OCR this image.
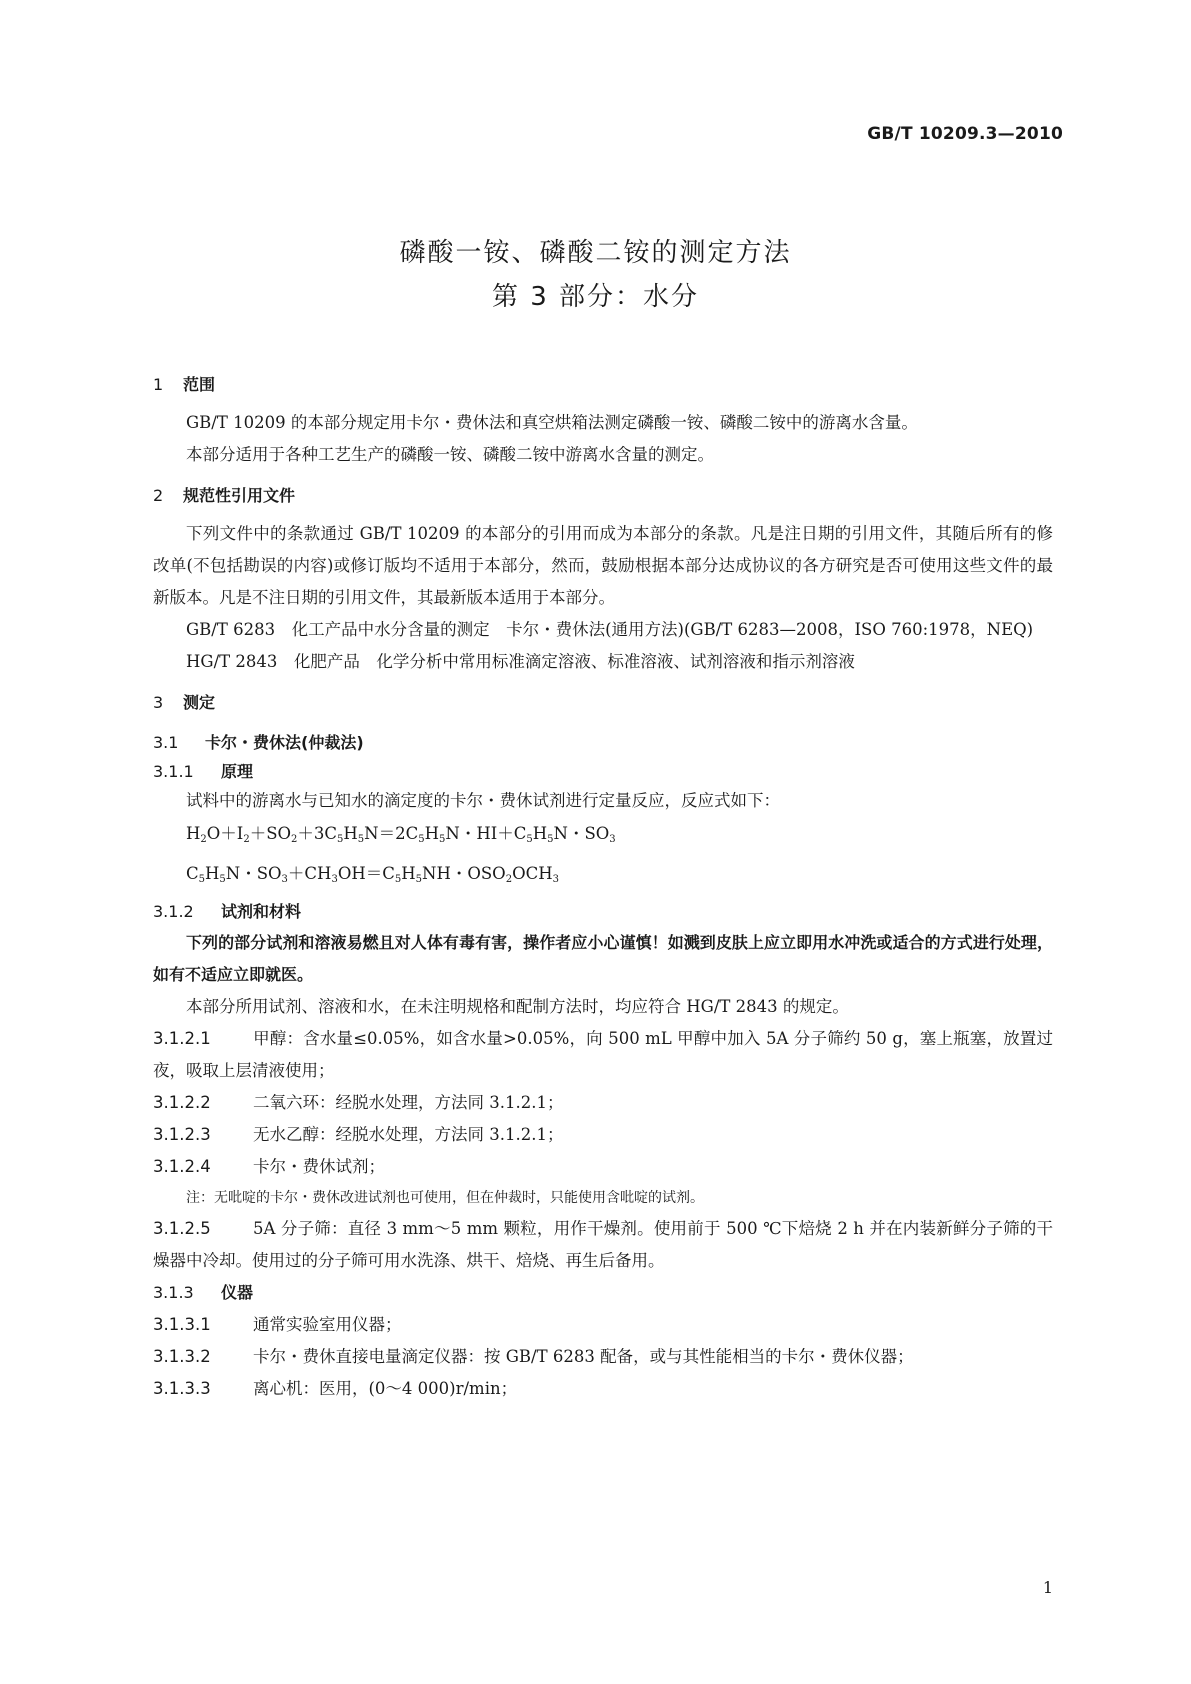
GB/T 10209.3—2010
磷酸一铵、磷酸二铵的测定方法
第 3 部分：水分

1 范围

GB/T 10209 的本部分规定用卡尔・费休法和真空烘箱法测定磷酸一铵、磷酸二铵中的游离水含量。

本部分适用于各种工艺生产的磷酸一铵、磷酸二铵中游离水含量的测定。

2 规范性引用文件

下列文件中的条款通过 GB/T 10209 的本部分的引用而成为本部分的条款。凡是注日期的引用文件，其随后所有的修改单(不包括勘误的内容)或修订版均不适用于本部分，然而，鼓励根据本部分达成协议的各方研究是否可使用这些文件的最新版本。凡是不注日期的引用文件，其最新版本适用于本部分。

GB/T 6283　化工产品中水分含量的测定　卡尔・费休法(通用方法)(GB/T 6283—2008，ISO 760:1978，NEQ)

HG/T 2843　化肥产品　化学分析中常用标准滴定溶液、标准溶液、试剂溶液和指示剂溶液

3 测定

3.1 卡尔・费休法(仲裁法)

3.1.1 原理

试料中的游离水与已知水的滴定度的卡尔・费休试剂进行定量反应，反应式如下：

$H_2O+I_2+SO_2+3C_5H_5N=2C_5H_5N$・$HI+C_5H_5N$・$SO_3$

$C_5H_5N$・$SO_3+CH_3OH=C_5H_5NH$・$OSO_2OCH_3$

3.1.2 试剂和材料

下列的部分试剂和溶液易燃且对人体有毒有害，操作者应小心谨慎！如溅到皮肤上应立即用水冲洗或适合的方式进行处理，如有不适应立即就医。

本部分所用试剂、溶液和水，在未注明规格和配制方法时，均应符合 HG/T 2843 的规定。

3.1.2.1	甲醇：含水量≤0.05%，如含水量>0.05%，向 500 mL 甲醇中加入 5A 分子筛约 50 g，塞上瓶塞，放置过夜，吸取上层清液使用；

3.1.2.2	二氧六环：经脱水处理，方法同 3.1.2.1；

3.1.2.3	无水乙醇：经脱水处理，方法同 3.1.2.1；

3.1.2.4	卡尔・费休试剂；

注：无吡啶的卡尔・费休改进试剂也可使用，但在仲裁时，只能使用含吡啶的试剂。

3.1.2.5	5A 分子筛：直径 3 mm～5 mm 颗粒，用作干燥剂。使用前于 500 ℃下焙烧 2 h 并在内装新鲜分子筛的干燥器中冷却。使用过的分子筛可用水洗涤、烘干、焙烧、再生后备用。

3.1.3 仪器

3.1.3.1	通常实验室用仪器；

3.1.3.2	卡尔・费休直接电量滴定仪器：按 GB/T 6283 配备，或与其性能相当的卡尔・费休仪器；

3.1.3.3	离心机：医用，(0～4 000)r/min；

1
